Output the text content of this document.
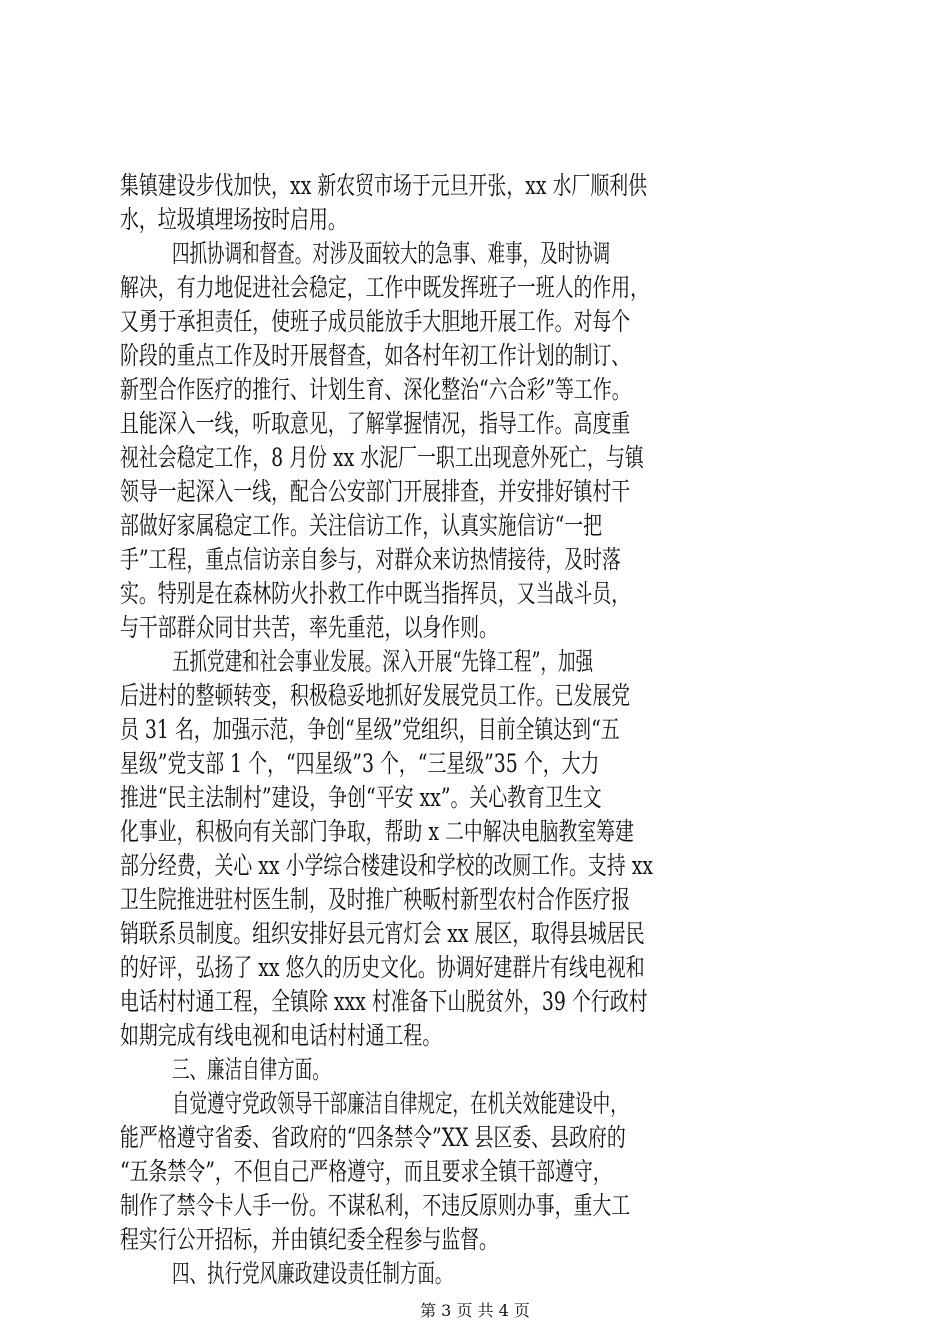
集镇建设步伐加快，xx 新农贸市场于元旦开张，xx 水厂顺利供
水，垃圾填埋场按时启用。
四抓协调和督查。对涉及面较大的急事、难事，及时协调
解决，有力地促进社会稳定，工作中既发挥班子一班人的作用，
又勇于承担责任，使班子成员能放手大胆地开展工作。对每个
阶段的重点工作及时开展督查，如各村年初工作计划的制订、
新型合作医疗的推行、计划生育、深化整治“六合彩”等工作。
且能深入一线，听取意见，了解掌握情况，指导工作。高度重
视社会稳定工作，8 月份 xx 水泥厂一职工出现意外死亡，与镇
领导一起深入一线，配合公安部门开展排查，并安排好镇村干
部做好家属稳定工作。关注信访工作，认真实施信访“一把
手”工程，重点信访亲自参与，对群众来访热情接待，及时落
实。特别是在森林防火扑救工作中既当指挥员，又当战斗员，
与干部群众同甘共苦，率先重范，以身作则。
五抓党建和社会事业发展。深入开展“先锋工程”，加强
后进村的整顿转变，积极稳妥地抓好发展党员工作。已发展党
员 31 名，加强示范，争创“星级”党组织，目前全镇达到“五
星级”党支部 1 个，“四星级”3 个，“三星级”35 个，大力
推进“民主法制村”建设，争创“平安 xx”。关心教育卫生文
化事业，积极向有关部门争取，帮助 x 二中解决电脑教室筹建
部分经费，关心 xx 小学综合楼建设和学校的改厕工作。支持 xx
卫生院推进驻村医生制，及时推广秧畈村新型农村合作医疗报
销联系员制度。组织安排好县元宵灯会 xx 展区，取得县城居民
的好评，弘扬了 xx 悠久的历史文化。协调好建群片有线电视和
电话村村通工程，全镇除 xxx 村准备下山脱贫外，39 个行政村
如期完成有线电视和电话村村通工程。
三、廉洁自律方面。
自觉遵守党政领导干部廉洁自律规定，在机关效能建设中，
能严格遵守省委、省政府的“四条禁令”XX 县区委、县政府的
“五条禁令”，不但自己严格遵守，而且要求全镇干部遵守，
制作了禁令卡人手一份。不谋私利，不违反原则办事，重大工
程实行公开招标，并由镇纪委全程参与监督。
四、执行党风廉政建设责任制方面。
第 3 页 共 4 页
